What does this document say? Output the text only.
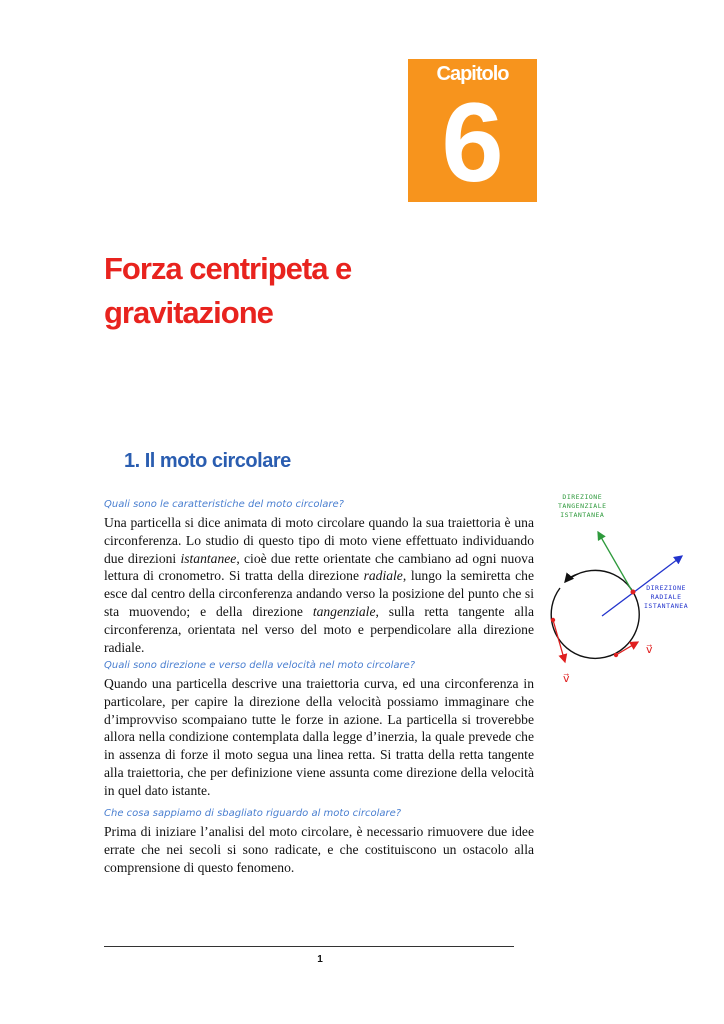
Capitolo
6
Forza centripeta e gravitazione
1. Il moto circolare

Quali sono le caratteristiche del moto circolare?

Una particella si dice animata di moto circolare quando la sua traiettoria è una circonferenza. Lo studio di questo tipo di moto viene effettuato individuando due direzioni istantanee, cioè due rette orientate che cambiano ad ogni nuova lettura di cronometro. Si tratta della direzione radiale, lungo la semiretta che esce dal centro della circonferenza andando verso la posizione del punto che si sta muovendo; e della direzione tangenziale, sulla retta tangente alla circonferenza, orientata nel verso del moto e perpendicolare alla direzione radiale.

Quali sono direzione e verso della velocità nel moto circolare?

Quando una particella descrive una traiettoria curva, ed una circonferenza in particolare, per capire la direzione della velocità possiamo immaginare che d’improvviso scompaiano tutte le forze in azione. La particella si troverebbe allora nella condizione contemplata dalla legge d’inerzia, la quale prevede che in assenza di forze il moto segua una linea retta. Si tratta della retta tangente alla traiettoria, che per definizione viene assunta come direzione della velocità in quel dato istante.

Che cosa sappiamo di sbagliato riguardo al moto circolare?

Prima di iniziare l’analisi del moto circolare, è necessario rimuovere due idee errate che nei secoli si sono radicate, e che costituiscono un ostacolo alla comprensione di questo fenomeno.

DIREZIONE
TANGENZIALE
ISTANTANEA
DIREZIONE
RADIALE
ISTANTANEA
v⃗
v⃗
1
